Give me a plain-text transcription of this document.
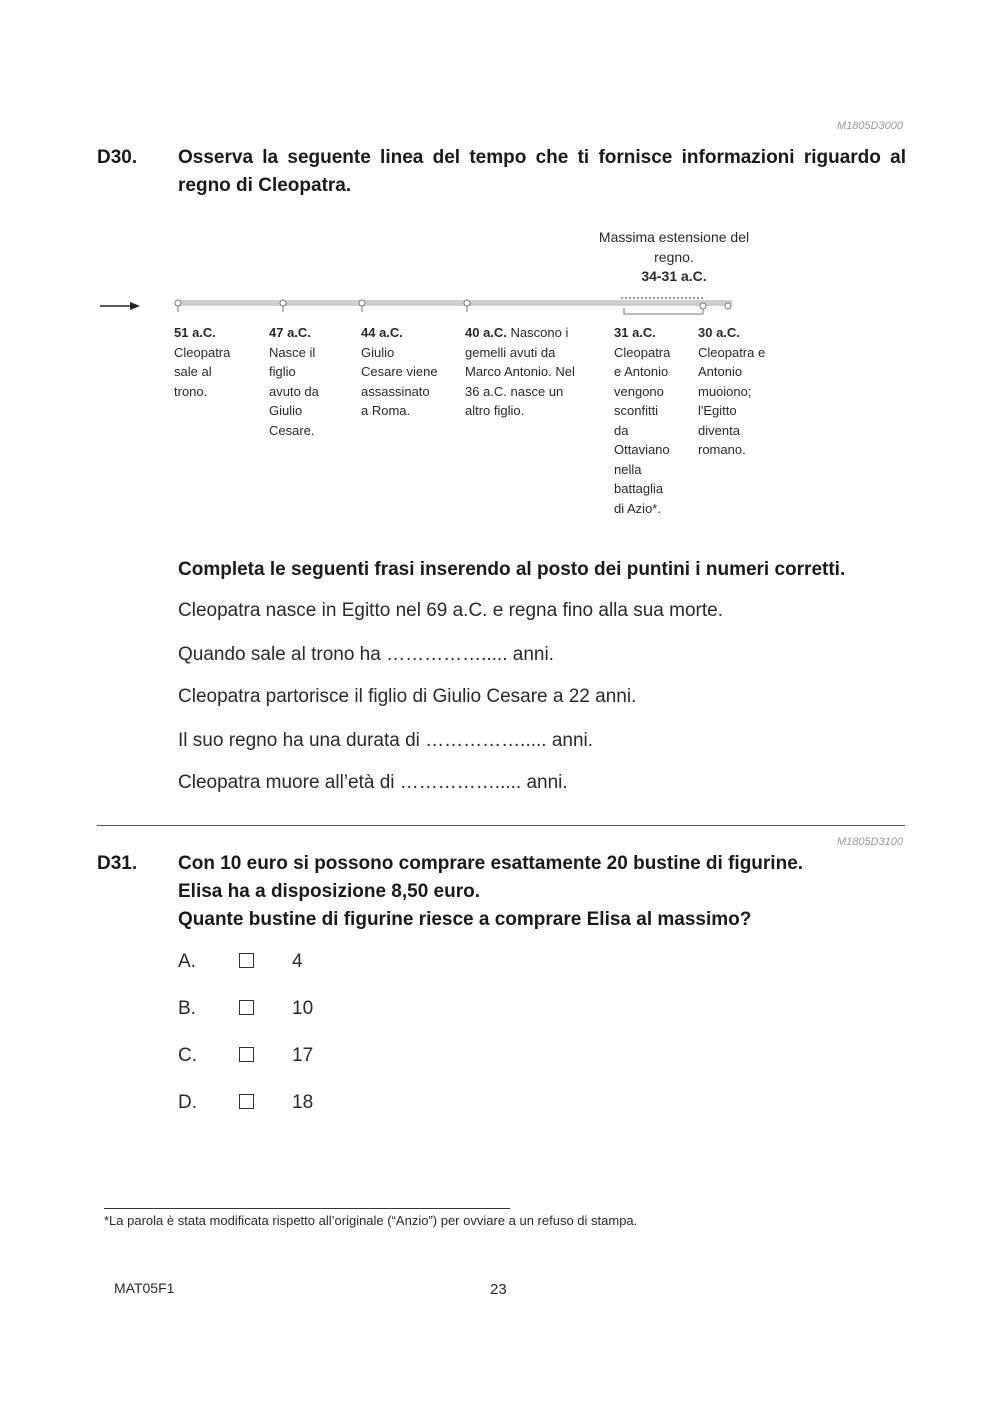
M1805D3000
D30. Osserva la seguente linea del tempo che ti fornisce informazioni riguardo al
regno di Cleopatra.
Massima estensione del
regno.
34-31 a.C.
51 a.C.
Cleopatra
sale al
trono.
47 a.C.
Nasce il
figlio
avuto da
Giulio
Cesare.
44 a.C.
Giulio
Cesare viene
assassinato
a Roma.
40 a.C. Nascono i
gemelli avuti da
Marco Antonio. Nel
36 a.C. nasce un
altro figlio.
31 a.C.
Cleopatra
e Antonio
vengono
sconfitti
da
Ottaviano
nella
battaglia
di Azio*.
30 a.C.
Cleopatra e
Antonio
muoiono;
l'Egitto
diventa
romano.
Completa le seguenti frasi inserendo al posto dei puntini i numeri corretti.
Cleopatra nasce in Egitto nel 69 a.C. e regna fino alla sua morte.
Quando sale al trono ha ……………..... anni.
Cleopatra partorisce il figlio di Giulio Cesare a 22 anni.
Il suo regno ha una durata di ……………..... anni.
Cleopatra muore all’età di ……………..... anni.
M1805D3100
D31. Con 10 euro si possono comprare esattamente 20 bustine di figurine.
Elisa ha a disposizione 8,50 euro.
Quante bustine di figurine riesce a comprare Elisa al massimo?
A.	4
B.	10
C.	17
D.	18
*La parola è stata modificata rispetto all’originale (“Anzio”) per ovviare a un refuso di stampa.
MAT05F1	23
